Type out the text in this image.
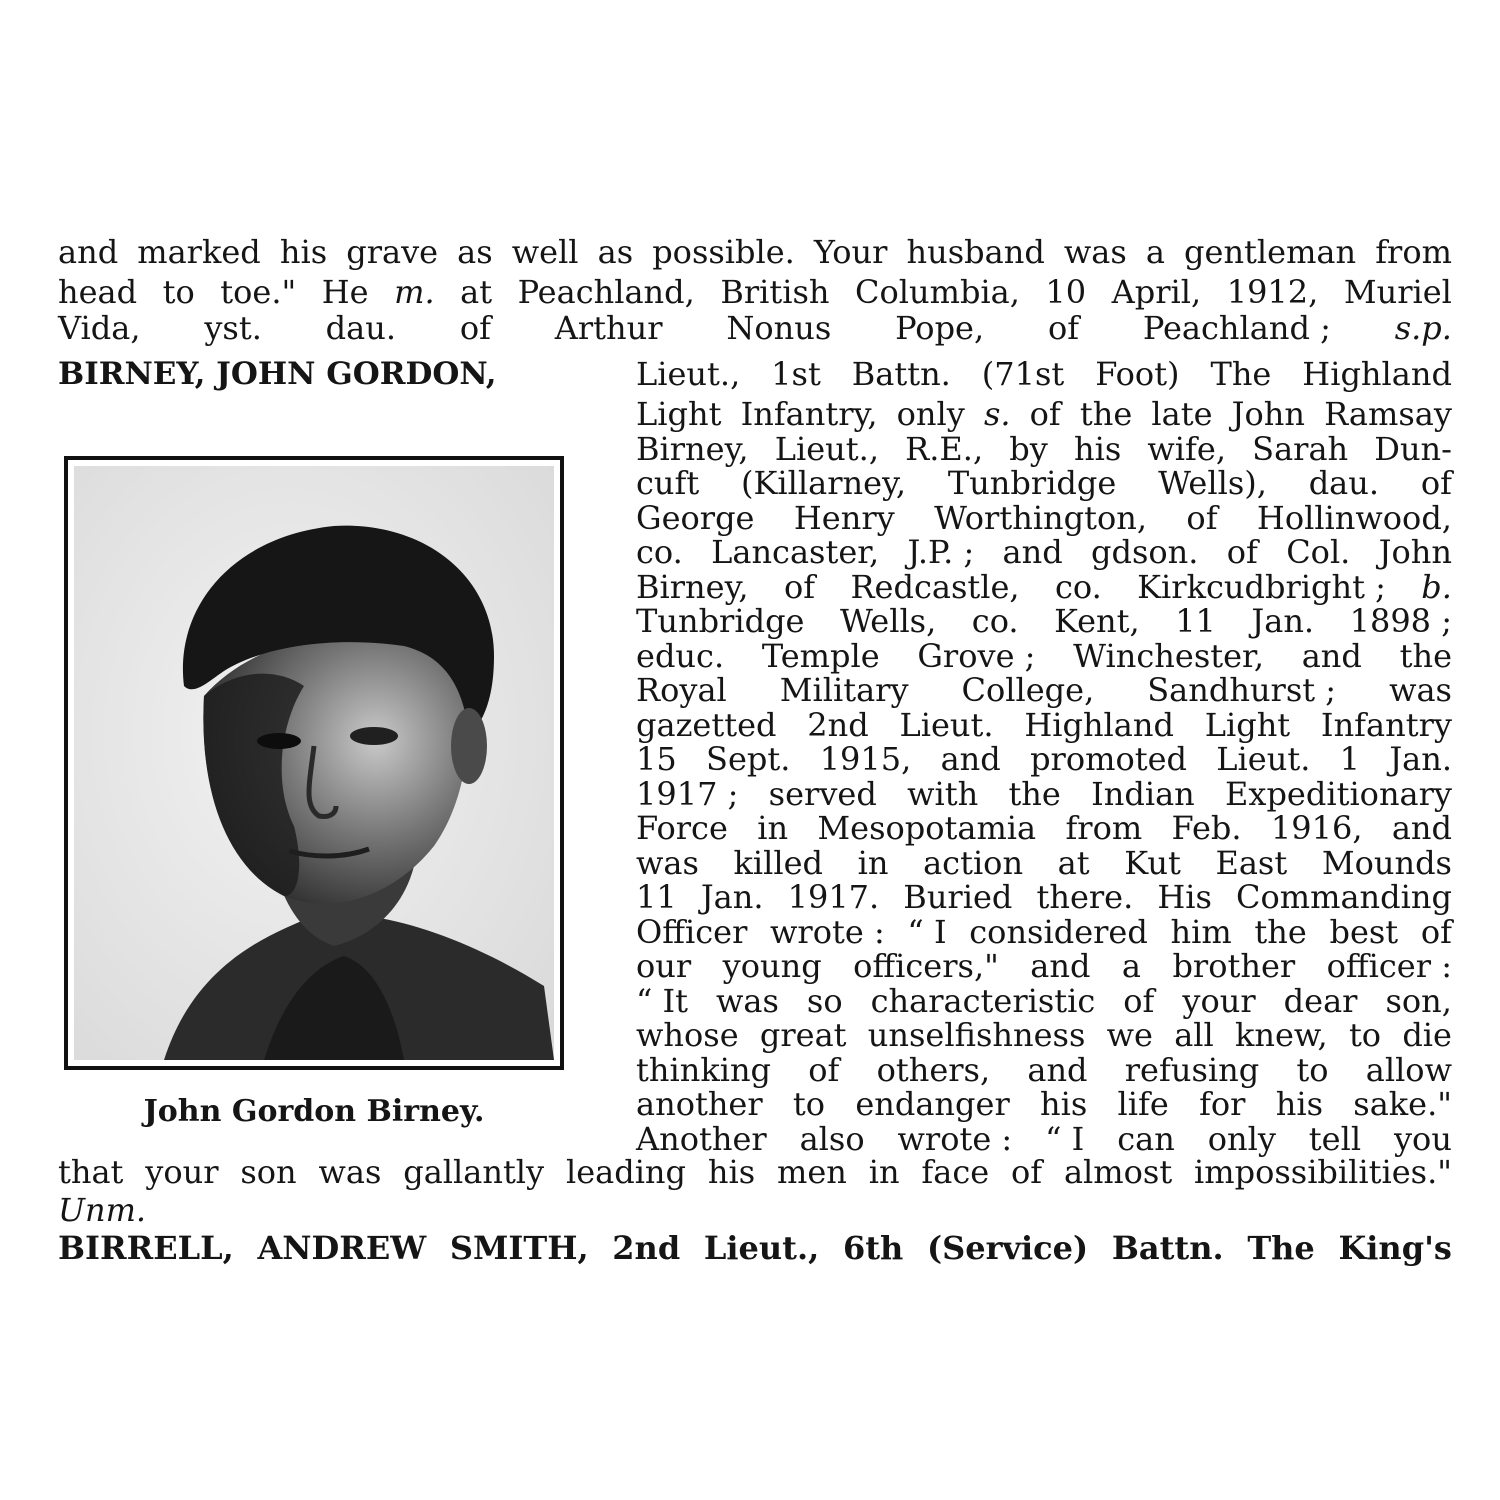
and marked his grave as well as possible. Your husband was a gentleman from
head to toe." He m. at Peachland, British Columbia, 10 April, 1912, Muriel
Vida, yst. dau. of Arthur Nonus Pope, of Peachland ; s.p.
BIRNEY, JOHN GORDON,	Lieut., 1st Battn. (71st Foot) The Highland
Light Infantry, only s. of the late John Ramsay
Birney, Lieut., R.E., by his wife, Sarah Dun-
cuft (Killarney, Tunbridge Wells), dau. of
George Henry Worthington, of Hollinwood,
co. Lancaster, J.P. ; and gdson. of Col. John
Birney, of Redcastle, co. Kirkcudbright ; b.
Tunbridge Wells, co. Kent, 11 Jan. 1898 ;
educ. Temple Grove ; Winchester, and the
Royal Military College, Sandhurst ; was
gazetted 2nd Lieut. Highland Light Infantry
15 Sept. 1915, and promoted Lieut. 1 Jan.
1917 ; served with the Indian Expeditionary
Force in Mesopotamia from Feb. 1916, and
was killed in action at Kut East Mounds
11 Jan. 1917. Buried there. His Commanding
Officer wrote : “ I considered him the best of
our young officers," and a brother officer :
“ It was so characteristic of your dear son,
whose great unselfishness we all knew, to die
thinking of others, and refusing to allow
another to endanger his life for his sake."
Another also wrote : “ I can only tell you
that your son was gallantly leading his men in face of almost impossibilities."
Unm.
BIRRELL, ANDREW SMITH, 2nd Lieut., 6th (Service) Battn. The King's
John Gordon Birney.
